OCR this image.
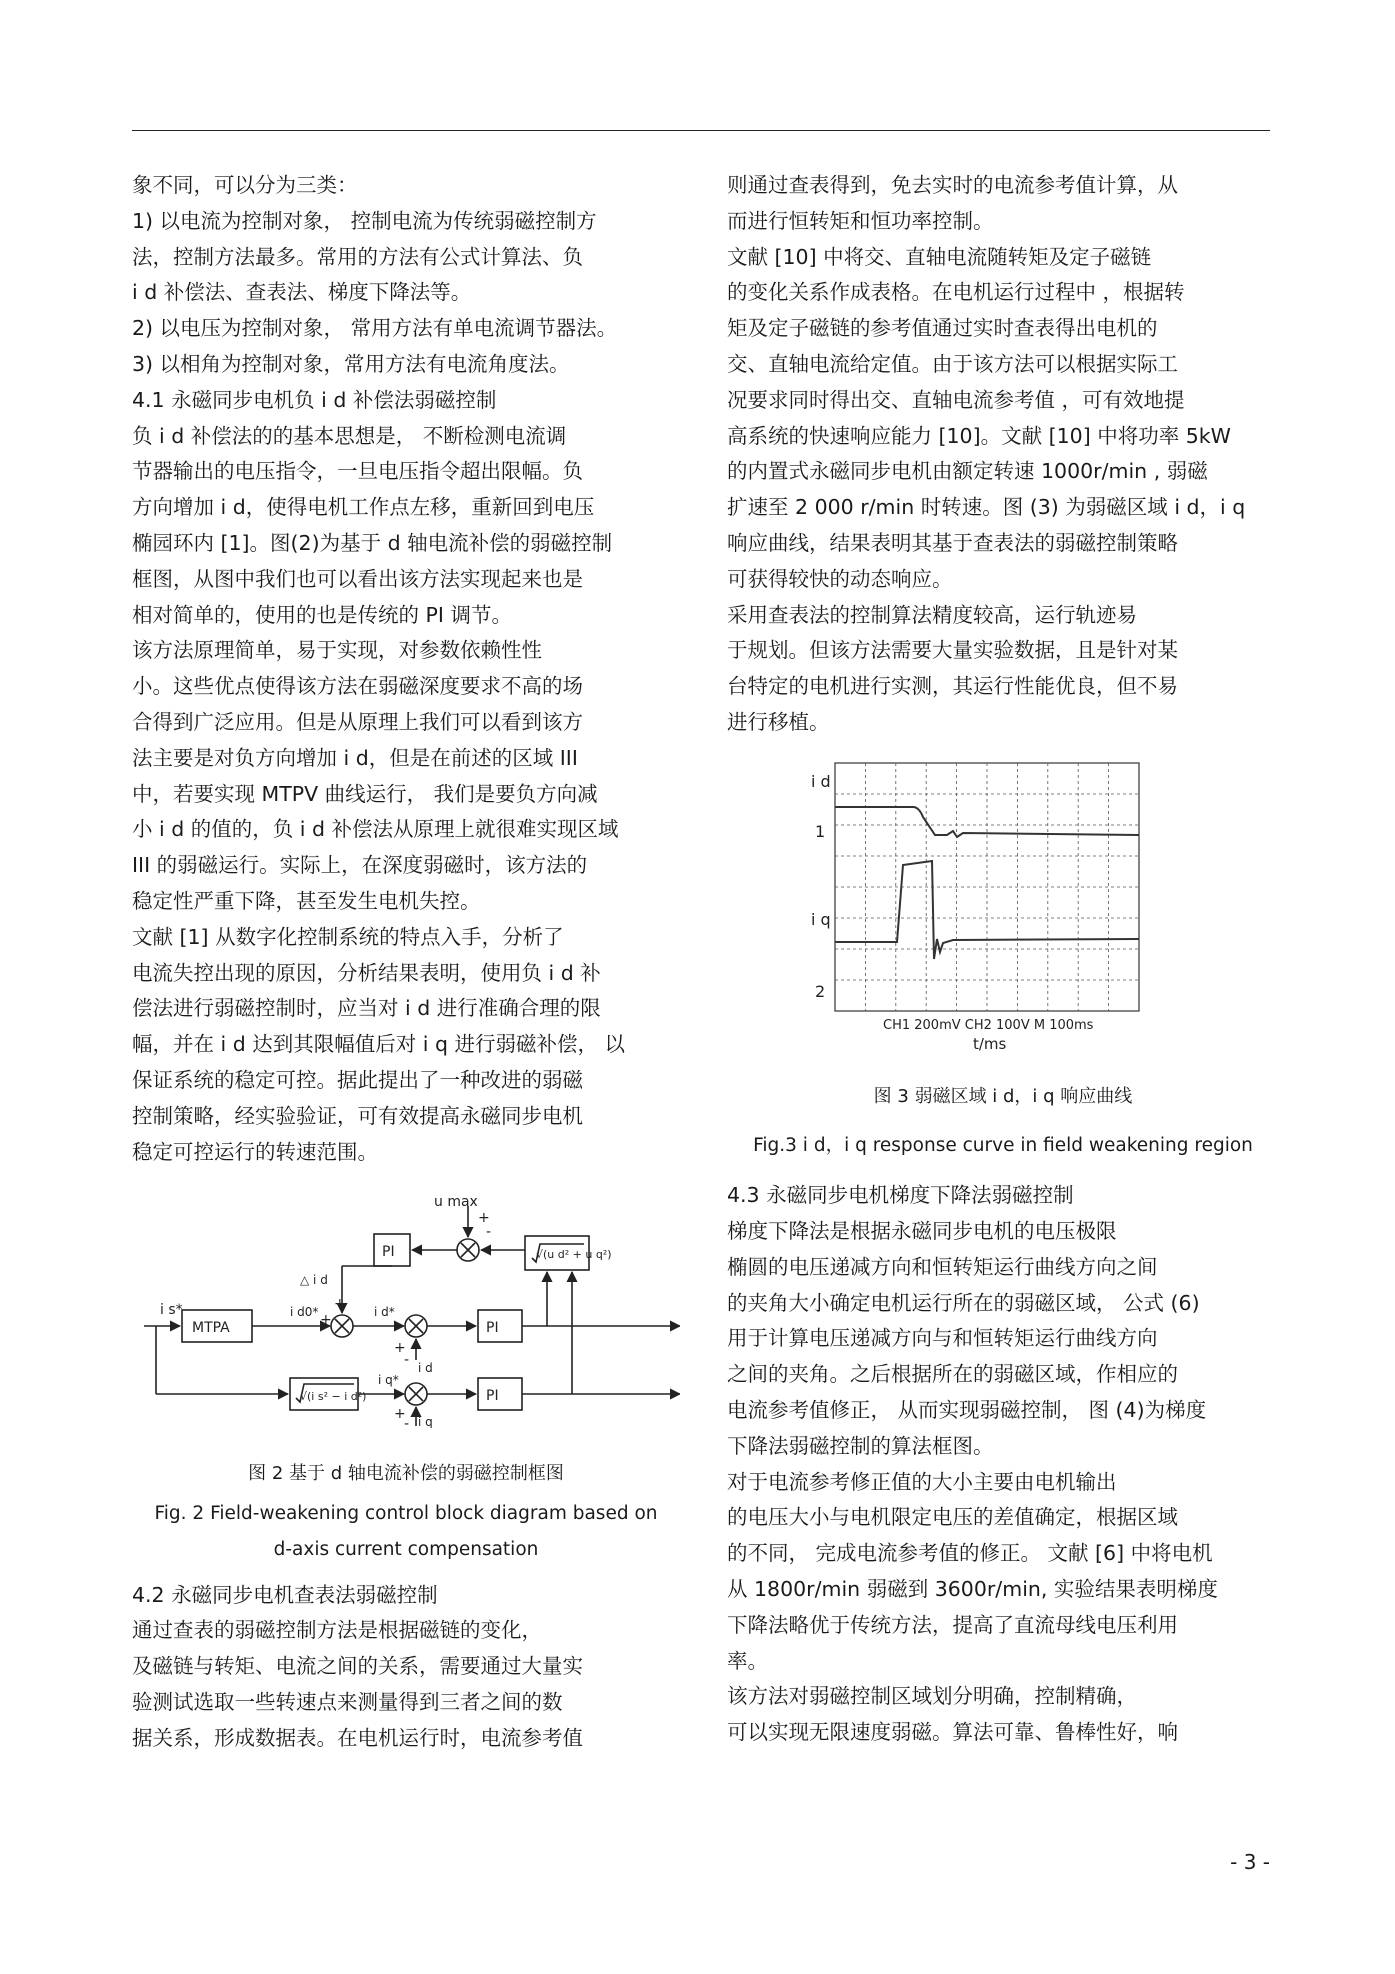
象不同，可以分为三类：

1) 以电流为控制对象， 控制电流为传统弱磁控制方

法，控制方法最多。常用的方法有公式计算法、负

i d 补偿法、查表法、梯度下降法等。

2) 以电压为控制对象， 常用方法有单电流调节器法。

3) 以相角为控制对象，常用方法有电流角度法。

4.1 永磁同步电机负 i d 补偿法弱磁控制

负 i d 补偿法的的基本思想是， 不断检测电流调

节器输出的电压指令，一旦电压指令超出限幅。负

方向增加 i d，使得电机工作点左移，重新回到电压

椭园环内 [1]。图(2)为基于 d 轴电流补偿的弱磁控制

框图，从图中我们也可以看出该方法实现起来也是

相对简单的，使用的也是传统的 PI 调节。

该方法原理简单，易于实现，对参数依赖性性

小。这些优点使得该方法在弱磁深度要求不高的场

合得到广泛应用。但是从原理上我们可以看到该方

法主要是对负方向增加 i d，但是在前述的区域 III

中，若要实现 MTPV 曲线运行， 我们是要负方向减

小 i d 的值的，负 i d 补偿法从原理上就很难实现区域

III 的弱磁运行。实际上，在深度弱磁时，该方法的

稳定性严重下降，甚至发生电机失控。

文献 [1] 从数字化控制系统的特点入手，分析了

电流失控出现的原因，分析结果表明，使用负 i d 补

偿法进行弱磁控制时，应当对 i d 进行准确合理的限

幅，并在 i d 达到其限幅值后对 i q 进行弱磁补偿， 以

保证系统的稳定可控。据此提出了一种改进的弱磁

控制策略，经实验验证，可有效提高永磁同步电机

稳定可控运行的转速范围。

u max
+
-
PI	√(u d² + u q²)
△ i d
i s*
MTPA
i d0* +
+	i d*
PI
+
- i d
i q*
√(i s² − i d²)	PI
+
- i q
图 2 基于 d 轴电流补偿的弱磁控制框图
Fig. 2 Field-weakening control block diagram based on
d-axis current compensation

4.2 永磁同步电机查表法弱磁控制

通过查表的弱磁控制方法是根据磁链的变化，

及磁链与转矩、电流之间的关系，需要通过大量实

验测试选取一些转速点来测量得到三者之间的数

据关系，形成数据表。在电机运行时，电流参考值

则通过查表得到，免去实时的电流参考值计算，从

而进行恒转矩和恒功率控制。

文献 [10] 中将交、直轴电流随转矩及定子磁链

的变化关系作成表格。在电机运行过程中 ，根据转

矩及定子磁链的参考值通过实时查表得出电机的

交、直轴电流给定值。由于该方法可以根据实际工

况要求同时得出交、直轴电流参考值 ，可有效地提

高系统的快速响应能力 [10]。文献 [10] 中将功率 5kW

的内置式永磁同步电机由额定转速 1000r/min , 弱磁

扩速至 2 000 r/min 时转速。图 (3) 为弱磁区域 i d，i q

响应曲线，结果表明其基于查表法的弱磁控制策略

可获得较快的动态响应。

采用查表法的控制算法精度较高，运行轨迹易

于规划。但该方法需要大量实验数据，且是针对某

台特定的电机进行实测，其运行性能优良，但不易

进行移植。

i d
1
i q
2
CH1 200mV CH2 100V M 100ms
t/ms
图 3 弱磁区域 i d，i q 响应曲线
Fig.3 i d，i q response curve in field weakening region

4.3 永磁同步电机梯度下降法弱磁控制

梯度下降法是根据永磁同步电机的电压极限

椭圆的电压递减方向和恒转矩运行曲线方向之间

的夹角大小确定电机运行所在的弱磁区域， 公式 (6)

用于计算电压递减方向与和恒转矩运行曲线方向

之间的夹角。之后根据所在的弱磁区域，作相应的

电流参考值修正， 从而实现弱磁控制， 图 (4)为梯度

下降法弱磁控制的算法框图。

对于电流参考修正值的大小主要由电机输出

的电压大小与电机限定电压的差值确定，根据区域

的不同， 完成电流参考值的修正。 文献 [6] 中将电机

从 1800r/min 弱磁到 3600r/min, 实验结果表明梯度

下降法略优于传统方法，提高了直流母线电压利用

率。

该方法对弱磁控制区域划分明确，控制精确，

可以实现无限速度弱磁。算法可靠、鲁棒性好，响

- 3 -
